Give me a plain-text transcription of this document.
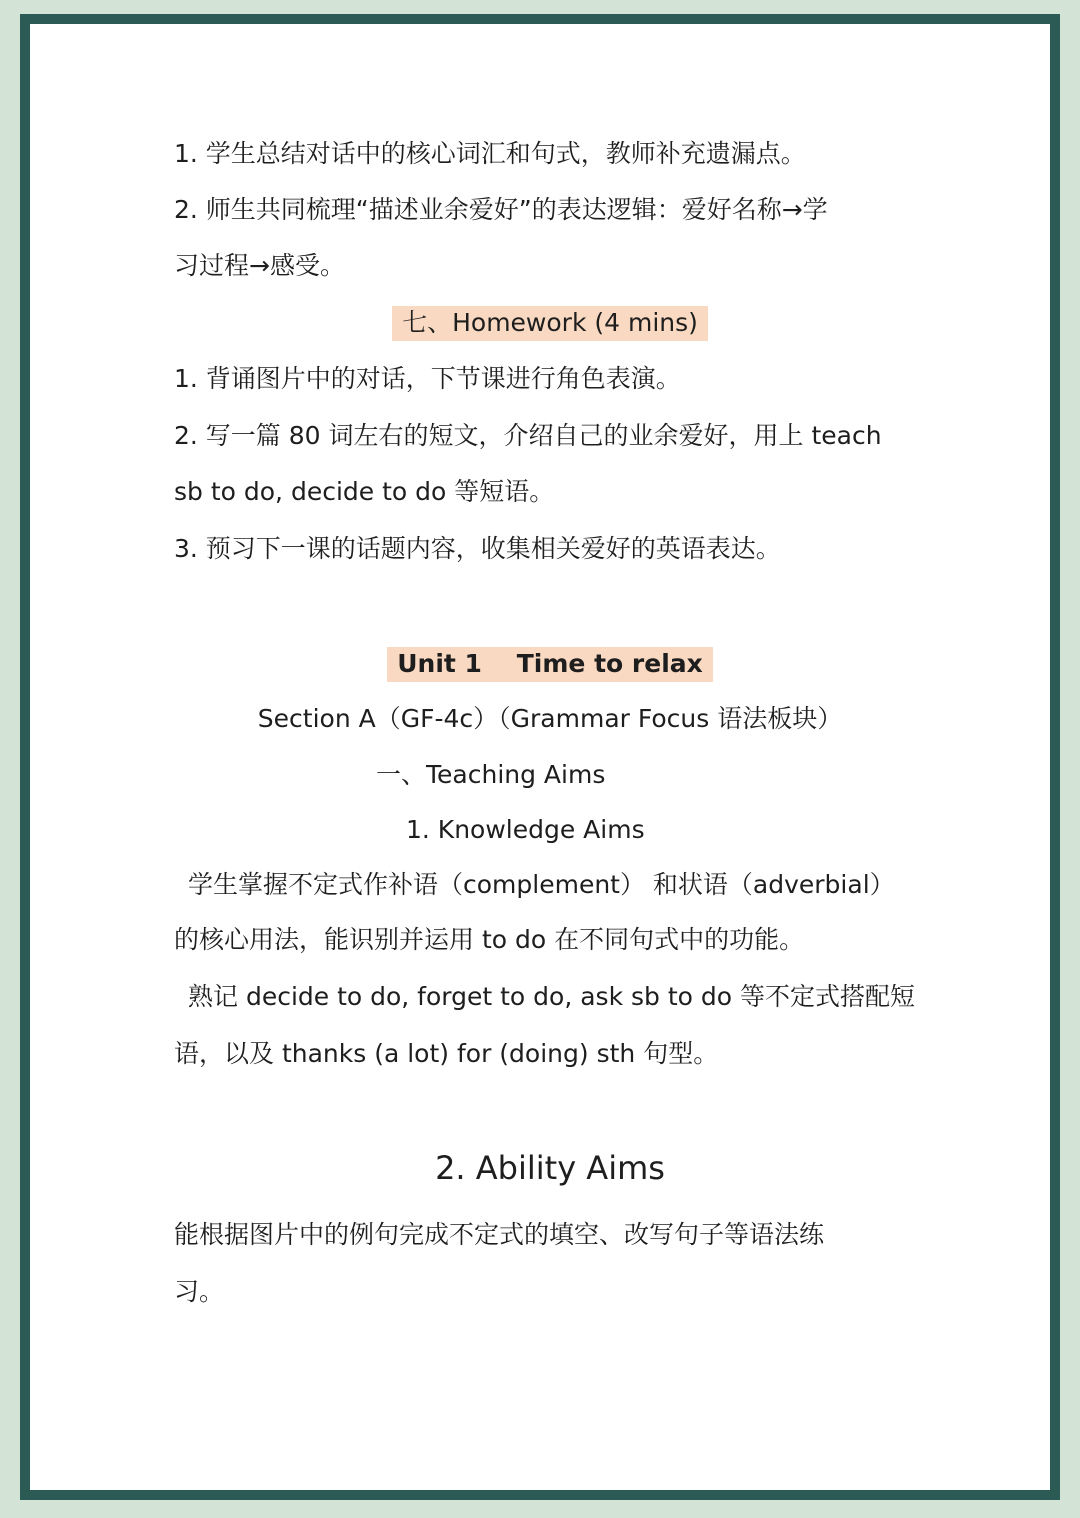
1. 学生总结对话中的核心词汇和句式，教师补充遗漏点。
2. 师生共同梳理“描述业余爱好”的表达逻辑：爱好名称→学
习过程→感受。
七、Homework (4 mins)
1. 背诵图片中的对话，下节课进行角色表演。
2. 写一篇 80 词左右的短文，介绍自己的业余爱好，用上 teach
sb to do, decide to do 等短语。
3. 预习下一课的话题内容，收集相关爱好的英语表达。
Unit 1    Time to relax
Section A（GF-4c）（Grammar Focus 语法板块）
一、Teaching Aims
1. Knowledge Aims
学生掌握不定式作补语（complement） 和状语（adverbial）
的核心用法，能识别并运用 to do 在不同句式中的功能。
熟记 decide to do, forget to do, ask sb to do 等不定式搭配短
语，以及 thanks (a lot) for (doing) sth 句型。
2. Ability Aims
能根据图片中的例句完成不定式的填空、改写句子等语法练
习。
